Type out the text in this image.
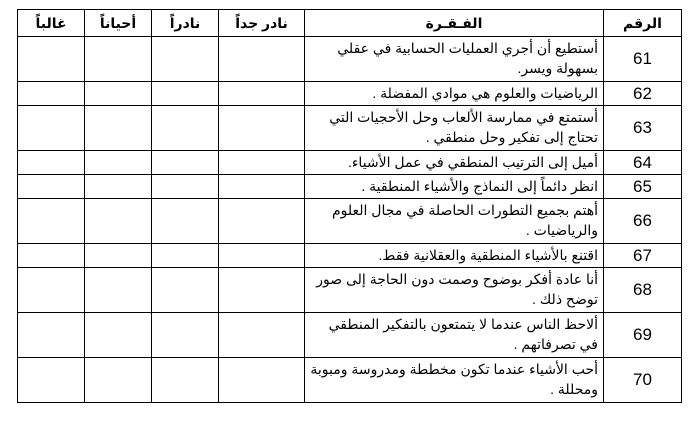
غالباً	أحياناً	نادراً	نادر جداً	الفـقـرة	الرقم
				أستطيع أن أجري العمليات الحسابية في عقلي بسهولة ويسر.	61
				الرياضيات والعلوم هي موادي المفضلة .	62
				أستمتع في ممارسة الألعاب وحل الأحجيات التي تحتاج إلى تفكير وحل منطقي .	63
				أميل إلى الترتيب المنطقي في عمل الأشياء.	64
				انظر دائماً إلى النماذج والأشياء المنطقية .	65
				أهتم بجميع التطورات الحاصلة في مجال العلوم والرياضيات .	66
				اقتنع بالأشياء المنطقية والعقلانية فقط.	67
				أنا عادة أفكر بوضوح وصمت دون الحاجة إلى صور توضح ذلك .	68
				ألاحظ الناس عندما لا يتمتعون بالتفكير المنطقي في تصرفاتهم .	69
				أحب الأشياء عندما تكون مخططة ومدروسة ومبوبة ومحللة .	70
